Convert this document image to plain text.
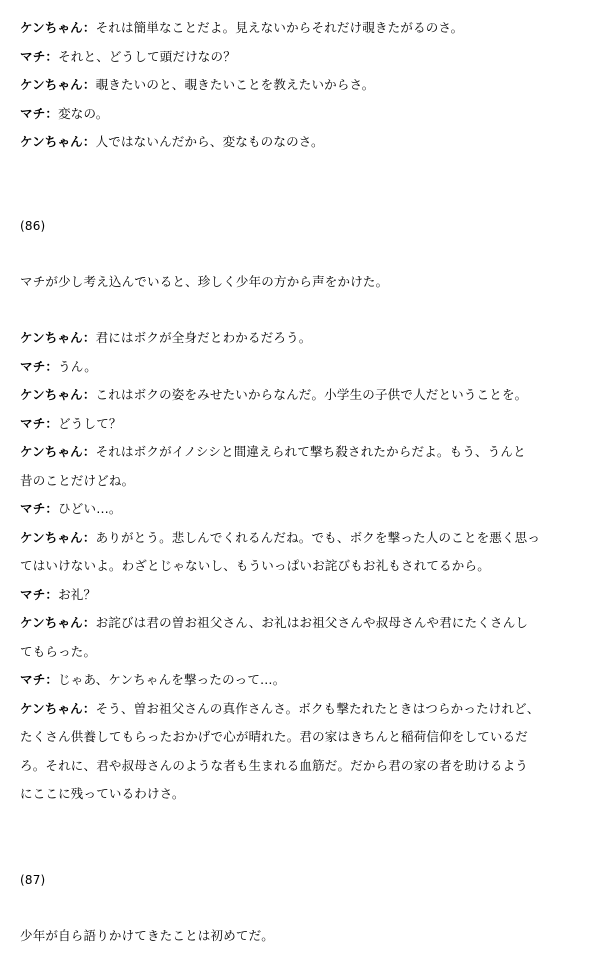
ケンちゃん：それは簡単なことだよ。見えないからそれだけ覗きたがるのさ。
マチ：それと、どうして頭だけなの？
ケンちゃん：覗きたいのと、覗きたいことを教えたいからさ。
マチ：変なの。
ケンちゃん：人ではないんだから、変なものなのさ。
(86)
マチが少し考え込んでいると、珍しく少年の方から声をかけた。
ケンちゃん：君にはボクが全身だとわかるだろう。
マチ：うん。
ケンちゃん：これはボクの姿をみせたいからなんだ。小学生の子供で人だということを。
マチ：どうして？
ケンちゃん：それはボクがイノシシと間違えられて撃ち殺されたからだよ。もう、うんと
昔のことだけどね。
マチ：ひどい…。
ケンちゃん：ありがとう。悲しんでくれるんだね。でも、ボクを撃った人のことを悪く思っ
てはいけないよ。わざとじゃないし、もういっぱいお詫びもお礼もされてるから。
マチ：お礼？
ケンちゃん：お詫びは君の曽お祖父さん、お礼はお祖父さんや叔母さんや君にたくさんし
てもらった。
マチ：じゃあ、ケンちゃんを撃ったのって…。
ケンちゃん：そう、曽お祖父さんの真作さんさ。ボクも撃たれたときはつらかったけれど、
たくさん供養してもらったおかげで心が晴れた。君の家はきちんと稲荷信仰をしているだ
ろ。それに、君や叔母さんのような者も生まれる血筋だ。だから君の家の者を助けるよう
にここに残っているわけさ。
(87)
少年が自ら語りかけてきたことは初めてだ。
